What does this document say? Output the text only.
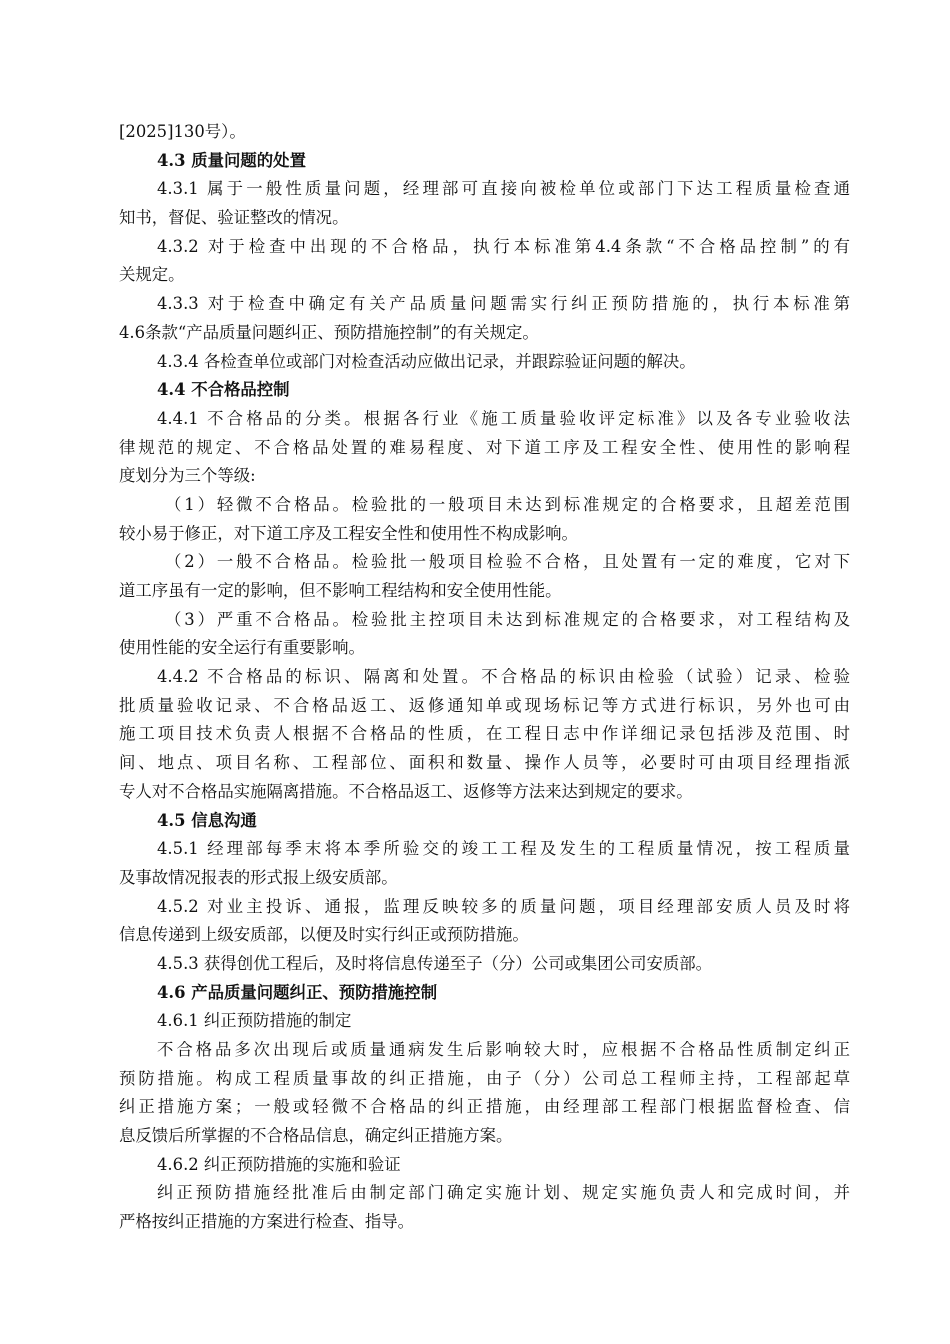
[2025]130号）。
4.3 质量问题的处置
4.3.1 属于一般性质量问题，经理部可直接向被检单位或部门下达工程质量检查通
知书，督促、验证整改的情况。
4.3.2 对于检查中出现的不合格品，执行本标准第4.4条款“不合格品控制”的有
关规定。
4.3.3 对于检查中确定有关产品质量问题需实行纠正预防措施的，执行本标准第
4.6条款“产品质量问题纠正、预防措施控制”的有关规定。
4.3.4 各检查单位或部门对检查活动应做出记录，并跟踪验证问题的解决。
4.4 不合格品控制
4.4.1 不合格品的分类。根据各行业《施工质量验收评定标准》以及各专业验收法
律规范的规定、不合格品处置的难易程度、对下道工序及工程安全性、使用性的影响程
度划分为三个等级:
（1）轻微不合格品。检验批的一般项目未达到标准规定的合格要求，且超差范围
较小易于修正，对下道工序及工程安全性和使用性不构成影响。
（2）一般不合格品。检验批一般项目检验不合格，且处置有一定的难度，它对下
道工序虽有一定的影响，但不影响工程结构和安全使用性能。
（3）严重不合格品。检验批主控项目未达到标准规定的合格要求，对工程结构及
使用性能的安全运行有重要影响。
4.4.2 不合格品的标识、隔离和处置。不合格品的标识由检验（试验）记录、检验
批质量验收记录、不合格品返工、返修通知单或现场标记等方式进行标识，另外也可由
施工项目技术负责人根据不合格品的性质，在工程日志中作详细记录包括涉及范围、时
间、地点、项目名称、工程部位、面积和数量、操作人员等，必要时可由项目经理指派
专人对不合格品实施隔离措施。不合格品返工、返修等方法来达到规定的要求。
4.5 信息沟通
4.5.1 经理部每季末将本季所验交的竣工工程及发生的工程质量情况，按工程质量
及事故情况报表的形式报上级安质部。
4.5.2 对业主投诉、通报，监理反映较多的质量问题，项目经理部安质人员及时将
信息传递到上级安质部，以便及时实行纠正或预防措施。
4.5.3 获得创优工程后，及时将信息传递至子（分）公司或集团公司安质部。
4.6 产品质量问题纠正、预防措施控制
4.6.1 纠正预防措施的制定
不合格品多次出现后或质量通病发生后影响较大时，应根据不合格品性质制定纠正
预防措施。构成工程质量事故的纠正措施，由子（分）公司总工程师主持，工程部起草
纠正措施方案；一般或轻微不合格品的纠正措施，由经理部工程部门根据监督检查、信
息反馈后所掌握的不合格品信息，确定纠正措施方案。
4.6.2 纠正预防措施的实施和验证
纠正预防措施经批准后由制定部门确定实施计划、规定实施负责人和完成时间，并
严格按纠正措施的方案进行检查、指导。
